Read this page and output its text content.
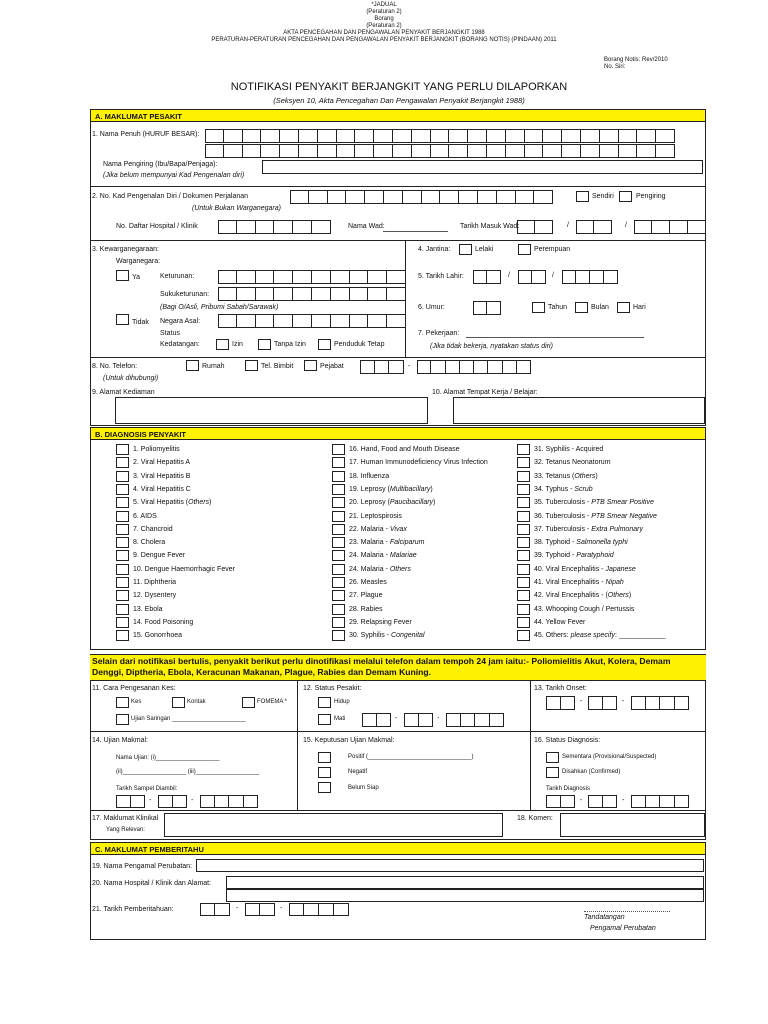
*JADUAL
(Peraturan 2)
Borang
(Peraturan 2)
AKTA PENCEGAHAN DAN PENGAWALAN PENYAKIT BERJANGKIT 1988
PERATURAN-PERATURAN PENCEGAHAN DAN PENGAWALAN PENYAKIT BERJANGKIT (BORANG NOTIS) (PINDAAN) 2011
Borang Notis: Rev/2010
No. Siri:
NOTIFIKASI PENYAKIT BERJANGKIT YANG PERLU DILAPORKAN
(Seksyen 10, Akta Pencegahan Dan Pengawalan Penyakit Berjangkit 1988)
A. MAKLUMAT PESAKIT
1. Nama Penuh (HURUF BESAR):
Nama Pengiring (Ibu/Bapa/Penjaga):
(Jika belum mempunyai Kad Pengenalan diri)
2. No. Kad Pengenalan Diri / Dokumen Perjalanan
(Untuk Bukan Warganegara)
Sendiri	Pengiring
No. Daftar Hospital / Klinik	Nama Wad:	Tarikh Masuk Wad:	/	/
3. Kewarganegaraan:
Warganegara:
Ya	Keturunan:
Sukuketurunan:
(Bagi O/Asli, Pribumi Sabah/Sarawak)
Tidak Negara Asal:
Status
Kedatangan:	Izin	Tanpa Izin	Penduduk Tetap
4. Jantina:	Lelaki	Perempuan
5. Tarikh Lahir:	/	/
6. Umur:	Tahun	Bulan	Hari
7. Pekerjaan:
(Jika tidak bekerja, nyatakan status diri)
8. No. Telefon:
(Untuk dihubungi)
Rumah	Tel. Bimbit	Pejabat	-
9. Alamat Kediaman	10. Alamat Tempat Kerja / Belajar:
B. DIAGNOSIS PENYAKIT
1. Poliomyelitis
2. Viral Hepatitis A
3. Viral Hepatitis B
4. Viral Hepatitis C
5. Viral Hepatitis (Others)
6. AIDS
7. Chancroid
8. Cholera
9. Dengue Fever
10. Dengue Haemorrhagic Fever
11. Diphtheria
12. Dysentery
13. Ebola
14. Food Poisoning
15. Gonorrhoea
16. Hand, Food and Mouth Disease
17. Human Immunodeficiency Virus Infection
18. Influenza
19. Leprosy (Multibacillary)
20. Leprosy (Paucibacillary)
21. Leptospirosis
22. Malaria - Vivax
23. Malaria - Falciparum
24. Malaria - Malariae
24. Malaria - Others
26. Measles
27. Plague
28. Rabies
29. Relapsing Fever
30. Syphilis - Congenital
31. Syphilis - Acquired
32. Tetanus Neonatorum
33. Tetanus (Others)
34. Typhus - Scrub
35. Tuberculosis - PTB Smear Positive
36. Tuberculosis - PTB Smear Negative
37. Tuberculosis - Extra Pulmonary
38. Typhoid - Salmonella typhi
39. Typhoid - Paratyphoid
40. Viral Encephalitis - Japanese
41. Viral Encephalitis - Nipah
42. Viral Encephalitis - (Others)
43. Whooping Cough / Pertussis
44. Yellow Fever
45. Others: please specify: ____________
Selain dari notifikasi bertulis, penyakit berikut perlu dinotifikasi melalui telefon dalam tempoh 24 jam iaitu:- Poliomielitis Akut, Kolera, Demam Denggi, Diptheria, Ebola, Keracunan Makanan, Plague, Rabies dan Demam Kuning.
11. Cara Pengesanan Kes:
Kes	Kontak	FOMEMA *
Ujian Saringan ______________________
12. Status Pesakit:
Hidup
Mati	-	-
13. Tarikh Onset:
-	-
14. Ujian Makmal:
Nama Ujian: (i)___________________
(ii)___________________ (iii)___________________
Tarikh Sampel Diambil:
-	-
15. Keputusan Ujian Makmal:
Positif (_______________________________)
Negatif
Belum Siap
16. Status Diagnosis:
Sementara (Provisional/Suspected)
Disahkan (Confirmed)
Tarikh Diagnosis
-	-
17. Maklumat Klinikal
Yang Relevan:
18. Komen:
C. MAKLUMAT PEMBERITAHU
19. Nama Pengamal Perubatan:
20. Nama Hospital / Klinik dan Alamat:
21. Tarikh Pemberitahuan:	-	-
Tandatangan
Pengamal Perubatan
